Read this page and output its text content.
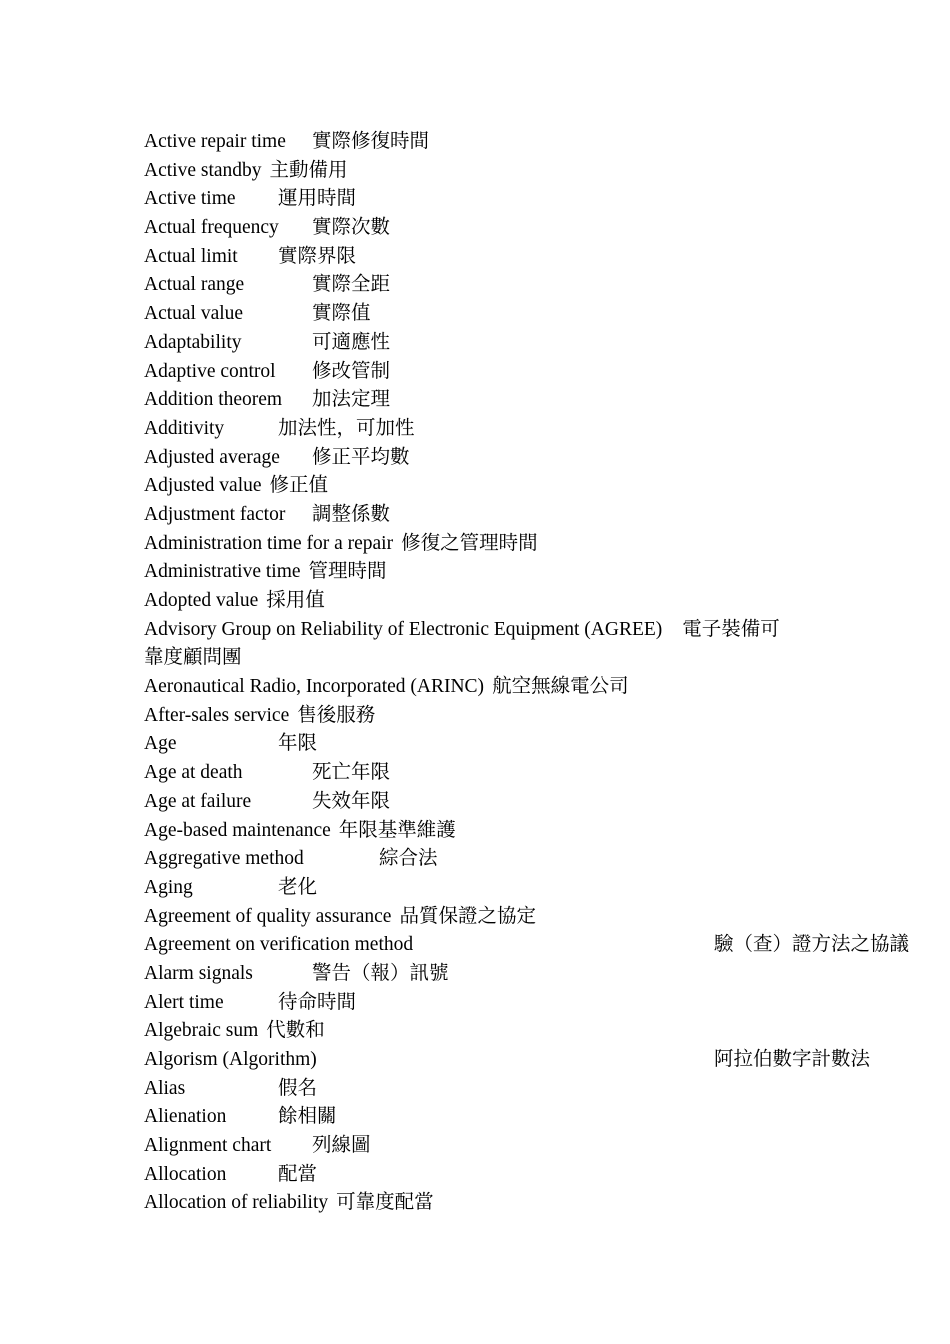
Active repair time 實際修復時間
Active standby 主動備用
Active time 運用時間
Actual frequency 實際次數
Actual limit 實際界限
Actual range	實際全距
Actual value	實際值
Adaptability	可適應性
Adaptive control 修改管制
Addition theorem 加法定理
Additivity	加法性，可加性
Adjusted average 修正平均數
Adjusted value 修正值
Adjustment factor 調整係數
Administration time for a repair 修復之管理時間
Administrative time 管理時間
Adopted value 採用值
Advisory Group on Reliability of Electronic Equipment (AGREE) 電子裝備可靠度顧問團
Aeronautical Radio, Incorporated (ARINC) 航空無線電公司
After-sales service 售後服務
Age	年限
Age at death	死亡年限
Age at failure	失效年限
Age-based maintenance 年限基準維護
Aggregative method	綜合法
Aging	老化
Agreement of quality assurance 品質保證之協定
Agreement on verification method	驗（查）證方法之協議
Alarm signals	警告（報）訊號
Alert time	待命時間
Algebraic sum 代數和
Algorism (Algorithm)	阿拉伯數字計數法
Alias	假名
Alienation	餘相關
Alignment chart 列線圖
Allocation	配當
Allocation of reliability 可靠度配當
